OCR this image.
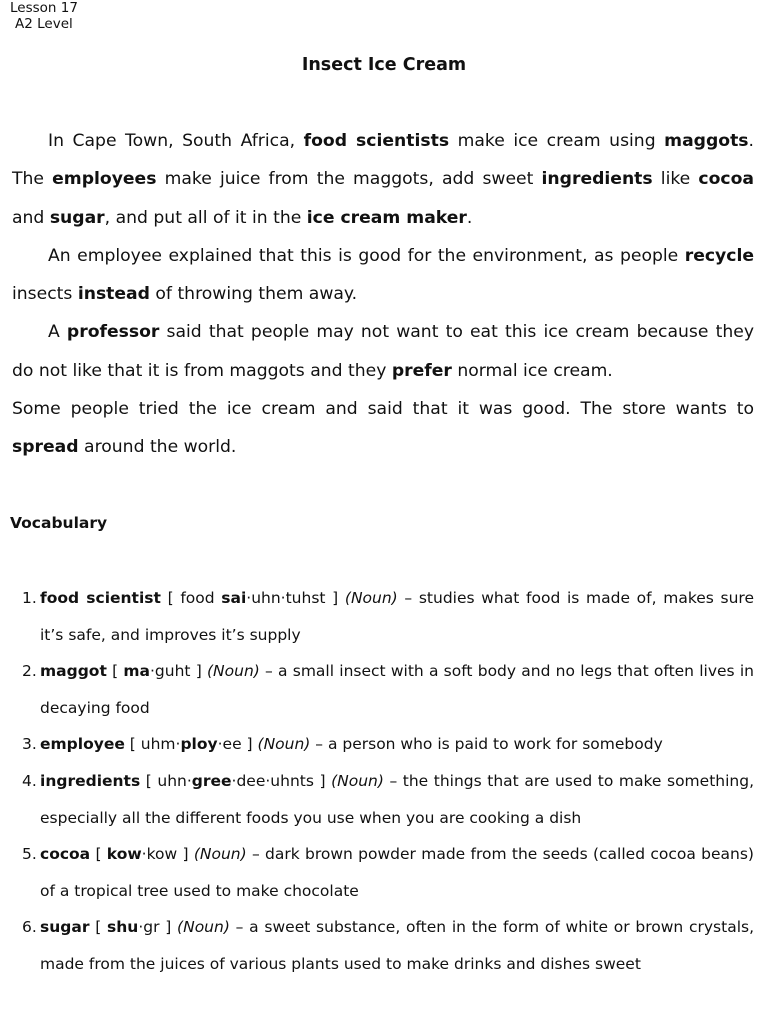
Lesson 17
A2 Level
Insect Ice Cream

In Cape Town, South Africa, food scientists make ice cream using maggots. The employees make juice from the maggots, add sweet ingredients like cocoa and sugar, and put all of it in the ice cream maker.

An employee explained that this is good for the environment, as people recycle insects instead of throwing them away.

A professor said that people may not want to eat this ice cream because they do not like that it is from maggots and they prefer normal ice cream.

Some people tried the ice cream and said that it was good. The store wants to spread around the world.

Vocabulary
1. food scientist [ food sai·uhn·tuhst ] (Noun) – studies what food is made of, makes sure it’s safe, and improves it’s supply
2. maggot [ ma·guht ] (Noun) – a small insect with a soft body and no legs that often lives in decaying food
3. employee [ uhm·ploy·ee ] (Noun) – a person who is paid to work for somebody
4. ingredients [ uhn·gree·dee·uhnts ] (Noun) – the things that are used to make something, especially all the different foods you use when you are cooking a dish
5. cocoa [ kow·kow ] (Noun) – dark brown powder made from the seeds (called cocoa beans) of a tropical tree used to make chocolate
6. sugar [ shu·gr ] (Noun) – a sweet substance, often in the form of white or brown crystals, made from the juices of various plants used to make drinks and dishes sweet
